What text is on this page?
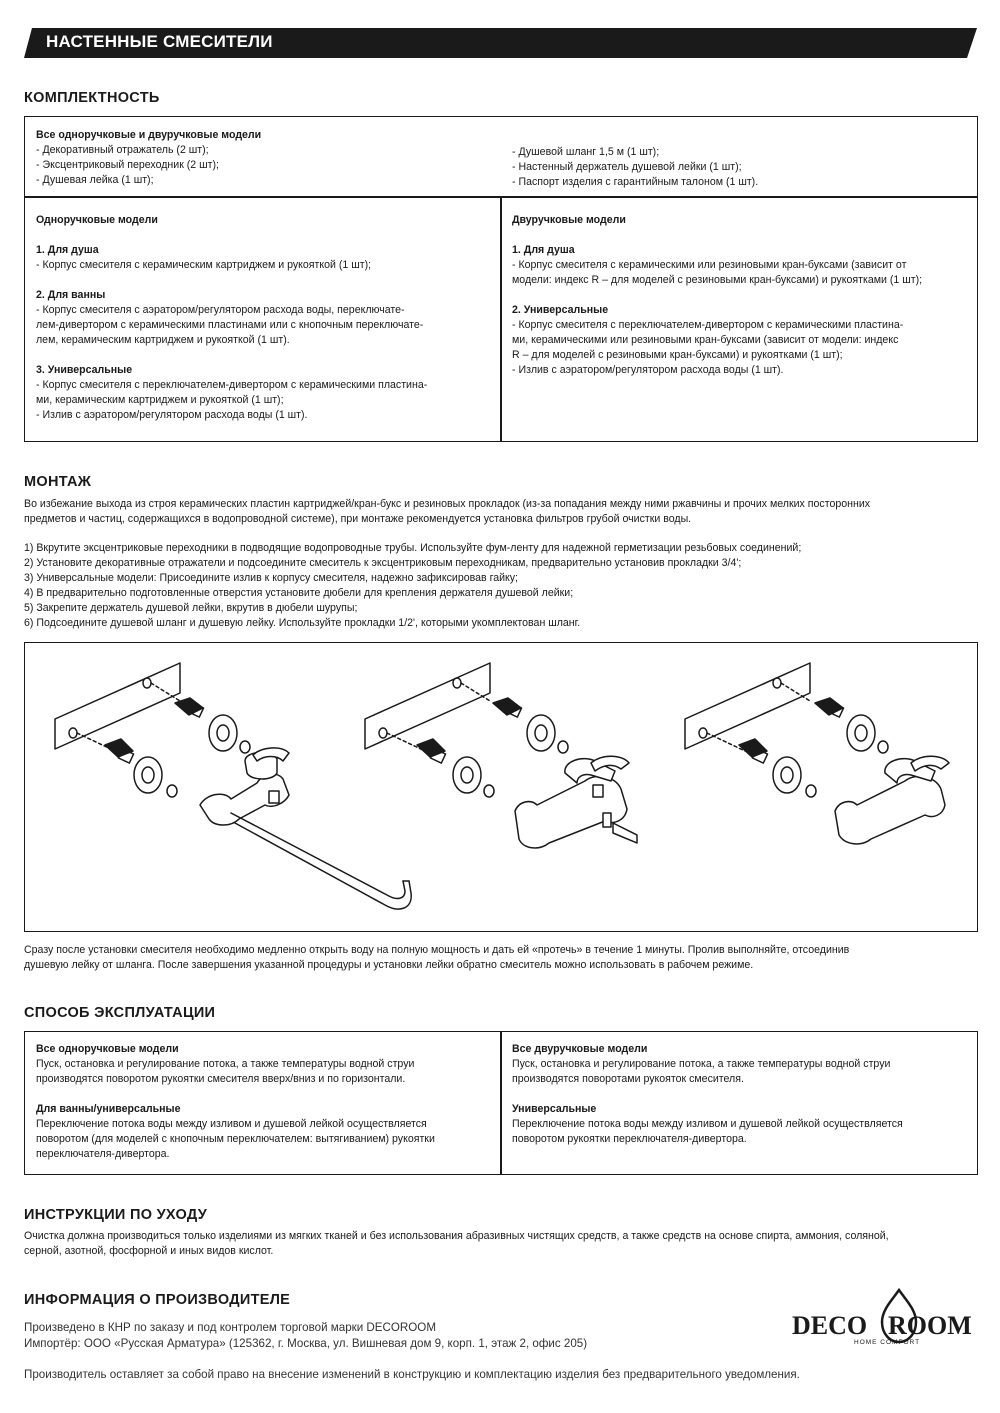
НАСТЕННЫЕ СМЕСИТЕЛИ
КОМПЛЕКТНОСТЬ
Все одноручковые и двуручковые модели
- Декоративный отражатель (2 шт);
- Эксцентриковый переходник (2 шт);
- Душевая лейка (1 шт);
- Душевой шланг 1,5 м (1 шт);
- Настенный держатель душевой лейки (1 шт);
- Паспорт изделия с гарантийным талоном (1 шт).
Одноручковые модели
1. Для душа
- Корпус смесителя с керамическим картриджем и рукояткой (1 шт);
2. Для ванны
- Корпус смесителя с аэратором/регулятором расхода воды, переключате-
лем-дивертором с керамическими пластинами или с кнопочным переключате-
лем, керамическим картриджем и рукояткой (1 шт).
3. Универсальные
- Корпус смесителя с переключателем-дивертором с керамическими пластина-
ми, керамическим картриджем и рукояткой (1 шт);
- Излив с аэратором/регулятором расхода воды (1 шт).
Двуручковые модели
1. Для душа
- Корпус смесителя с керамическими или резиновыми кран-буксами (зависит от
модели: индекс R – для моделей с резиновыми кран-буксами) и рукоятками (1 шт);
2. Универсальные
- Корпус смесителя с переключателем-дивертором с керамическими пластина-
ми, керамическими или резиновыми кран-буксами (зависит от модели: индекс
R – для моделей с резиновыми кран-буксами) и рукоятками (1 шт);
- Излив с аэратором/регулятором расхода воды (1 шт).
МОНТАЖ
Во избежание выхода из строя керамических пластин картриджей/кран-букс и резиновых прокладок (из-за попадания между ними ржавчины и прочих мелких посторонних
предметов и частиц, содержащихся в водопроводной системе), при монтаже рекомендуется установка фильтров грубой очистки воды.
1) Вкрутите эксцентриковые переходники в подводящие водопроводные трубы. Используйте фум-ленту для надежной герметизации резьбовых соединений;
2) Установите декоративные отражатели и подсоедините смеситель к эксцентриковым переходникам, предварительно установив прокладки 3/4';
3) Универсальные модели: Присоедините излив к корпусу смесителя, надежно зафиксировав гайку;
4) В предварительно подготовленные отверстия установите дюбели для крепления держателя душевой лейки;
5) Закрепите держатель душевой лейки, вкрутив в дюбели шурупы;
6) Подсоедините душевой шланг и душевую лейку. Используйте прокладки 1/2', которыми укомплектован шланг.
Сразу после установки смесителя необходимо медленно открыть воду на полную мощность и дать ей «протечь» в течение 1 минуты. Пролив выполняйте, отсоединив
душевую лейку от шланга. После завершения указанной процедуры и установки лейки обратно смеситель можно использовать в рабочем режиме.
СПОСОБ ЭКСПЛУАТАЦИИ
Все одноручковые модели
Пуск, остановка и регулирование потока, а также температуры водной струи
производятся поворотом рукоятки смесителя вверх/вниз и по горизонтали.
Для ванны/универсальные
Переключение потока воды между изливом и душевой лейкой осуществляется
поворотом (для моделей с кнопочным переключателем: вытягиванием) рукоятки
переключателя-дивертора.
Все двуручковые модели
Пуск, остановка и регулирование потока, а также температуры водной струи
производятся поворотами рукояток смесителя.
Универсальные
Переключение потока воды между изливом и душевой лейкой осуществляется
поворотом рукоятки переключателя-дивертора.
ИНСТРУКЦИИ ПО УХОДУ
Очистка должна производиться только изделиями из мягких тканей и без использования абразивных чистящих средств, а также средств на основе спирта, аммония, соляной,
серной, азотной, фосфорной и иных видов кислот.
ИНФОРМАЦИЯ О ПРОИЗВОДИТЕЛЕ
Произведено в КНР по заказу и под контролем торговой марки DECOROOM
Импортёр: ООО «Русская Арматура» (125362, г. Москва, ул. Вишневая дом 9, корп. 1, этаж 2, офис 205)
Производитель оставляет за собой право на внесение изменений в конструкцию и комплектацию изделия без предварительного уведомления.
DECO ROOM
HOME COMFORT
